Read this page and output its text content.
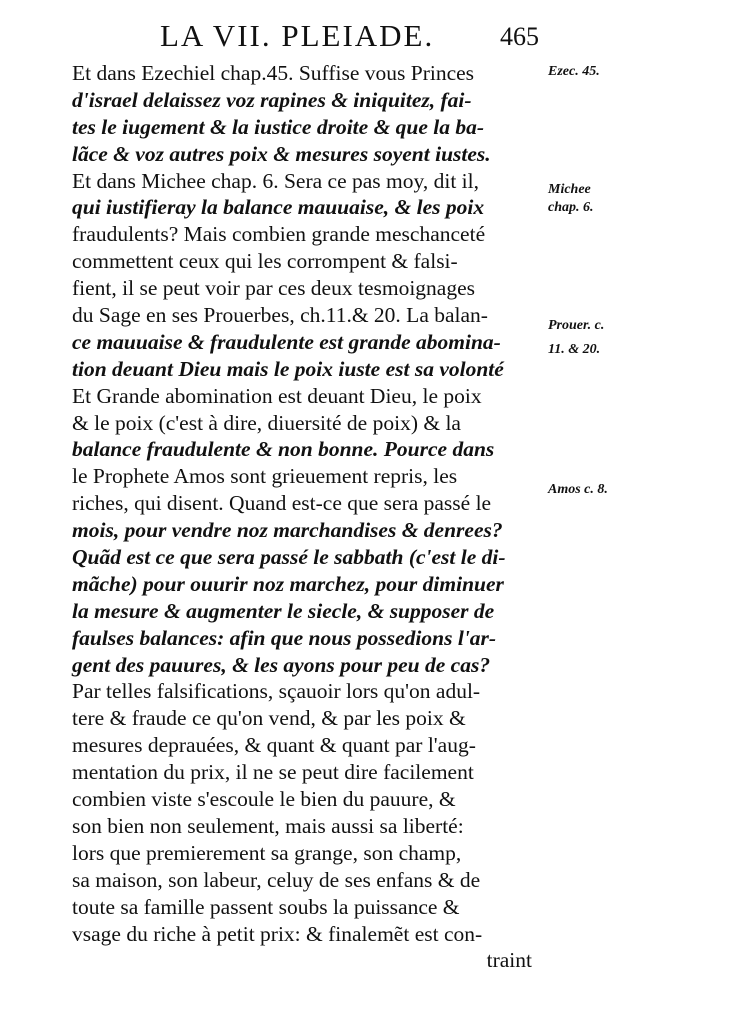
LA VII. PLEIADE.	465
Et dans Ezechiel chap.45. Suffise vous Princes
d'israel delaissez voz rapines & iniquitez, fai-
tes le iugement & la iustice droite & que la ba-
lãce & voz autres poix & mesures soyent iustes.
Et dans Michee chap. 6. Sera ce pas moy, dit il,
qui iustifieray la balance mauuaise, & les poix
fraudulents? Mais combien grande meschanceté
commettent ceux qui les corrompent & falsi-
fient, il se peut voir par ces deux tesmoignages
du Sage en ses Prouerbes, ch.11.& 20. La balan-
ce mauuaise & fraudulente est grande abomina-
tion deuant Dieu mais le poix iuste est sa volonté
Et Grande abomination est deuant Dieu, le poix
& le poix (c'est à dire, diuersité de poix) & la
balance fraudulente & non bonne. Pource dans
le Prophete Amos sont grieuement repris, les
riches, qui disent. Quand est-ce que sera passé le
mois, pour vendre noz marchandises & denrees?
Quãd est ce que sera passé le sabbath (c'est le di-
mãche) pour ouurir noz marchez, pour diminuer
la mesure & augmenter le siecle, & supposer de
faulses balances: afin que nous possedions l'ar-
gent des pauures, & les ayons pour peu de cas?
Par telles falsifications, sçauoir lors qu'on adul-
tere & fraude ce qu'on vend, & par les poix &
mesures deprauées, & quant & quant par l'aug-
mentation du prix, il ne se peut dire facilement
combien viste s'escoule le bien du pauure, &
son bien non seulement, mais aussi sa liberté:
lors que premierement sa grange, son champ,
sa maison, son labeur, celuy de ses enfans & de
toute sa famille passent soubs la puissance &
vsage du riche à petit prix: & finalemẽt est con-
traint
Ezec. 45.
Michee
chap. 6.
Prouer. c.
11. & 20.
Amos c. 8.
